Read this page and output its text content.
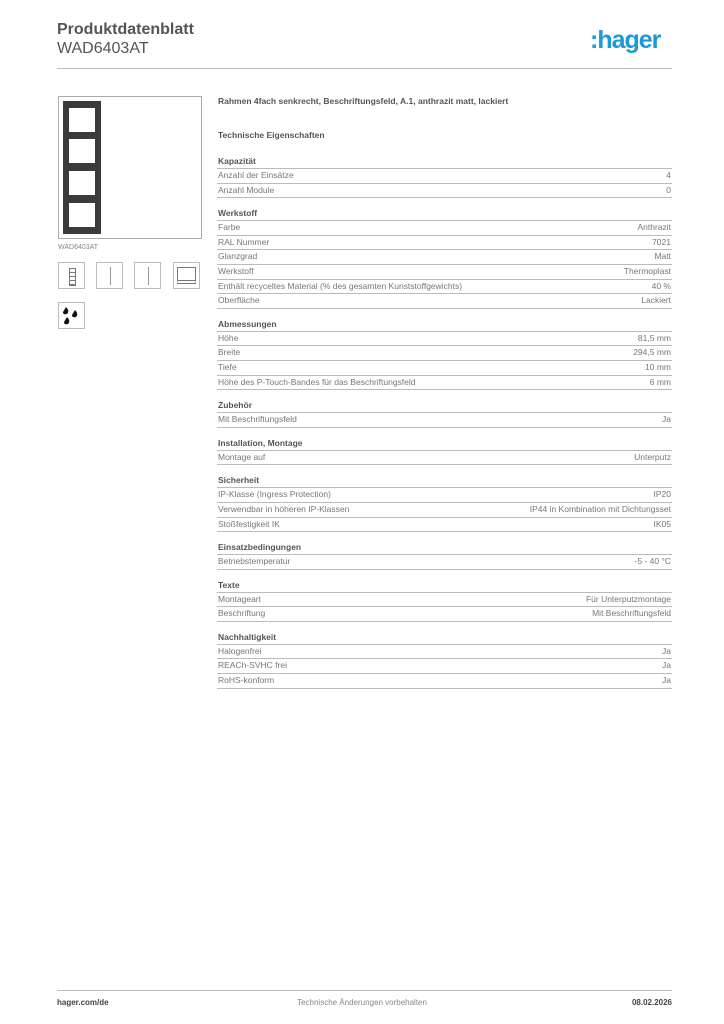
Produktdatenblatt
WAD6403AT	:hager
WAD6403AT
Rahmen 4fach senkrecht, Beschriftungsfeld, A.1, anthrazit matt, lackiert
Technische Eigenschaften
Kapazität
Anzahl der Einsätze	4
Anzahl Module	0
Werkstoff
Farbe	Anthrazit
RAL Nummer	7021
Glanzgrad	Matt
Werkstoff	Thermoplast
Enthält recyceltes Material (% des gesamten Kunststoffgewichts)	40 %
Oberfläche	Lackiert
Abmessungen
Höhe	81,5 mm
Breite	294,5 mm
Tiefe	10 mm
Höhe des P-Touch-Bandes für das Beschriftungsfeld	6 mm
Zubehör
Mit Beschriftungsfeld	Ja
Installation, Montage
Montage auf	Unterputz
Sicherheit
IP-Klasse (Ingress Protection)	IP20
Verwendbar in höheren IP-Klassen	IP44 in Kombination mit Dichtungsset
Stoßfestigkeit IK	IK05
Einsatzbedingungen
Betriebstemperatur	-5 - 40 °C
Texte
Montageart	Für Unterputzmontage
Beschriftung	Mit Beschriftungsfeld
Nachhaltigkeit
Halogenfrei	Ja
REACh-SVHC frei	Ja
RoHS-konform	Ja
hager.com/de	Technische Änderungen vorbehalten	08.02.2026
